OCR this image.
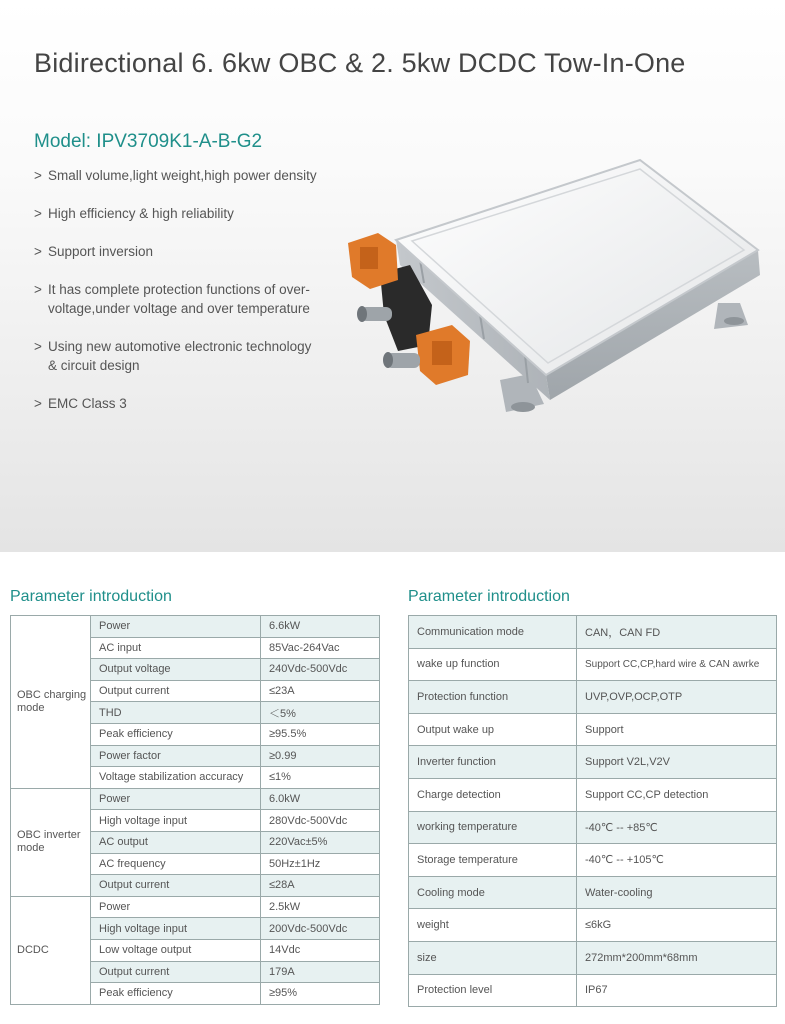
Bidirectional 6. 6kw OBC & 2. 5kw DCDC Tow-In-One
Model: IPV3709K1-A-B-G2
> Small volume,light weight,high power density
> High efficiency & high reliability
> Support inversion
> It has complete protection functions of over-
voltage,under voltage and over temperature
> Using new automotive electronic technology
& circuit design
> EMC Class 3
Parameter introduction	Parameter introduction
OBC charging mode	Power	6.6kW
	AC input	85Vac-264Vac
	Output voltage	240Vdc-500Vdc
	Output current	≤23A
	THD	＜5%
	Peak efficiency	≥95.5%
	Power factor	≥0.99
	Voltage stabilization accuracy	≤1%
OBC inverter mode	Power	6.0kW
	High voltage input	280Vdc-500Vdc
	AC output	220Vac±5%
	AC frequency	50Hz±1Hz
	Output current	≤28A
DCDC	Power	2.5kW
	High voltage input	200Vdc-500Vdc
	Low voltage output	14Vdc
	Output current	179A
	Peak efficiency	≥95%
Communication mode	CAN，CAN FD
wake up function	Support CC,CP,hard wire & CAN awrke
Protection function	UVP,OVP,OCP,OTP
Output wake up	Support
Inverter function	Support V2L,V2V
Charge detection	Support CC,CP detection
working temperature	-40℃ -- +85℃
Storage temperature	-40℃ -- +105℃
Cooling mode	Water-cooling
weight	≤6kG
size	272mm*200mm*68mm
Protection level	IP67
